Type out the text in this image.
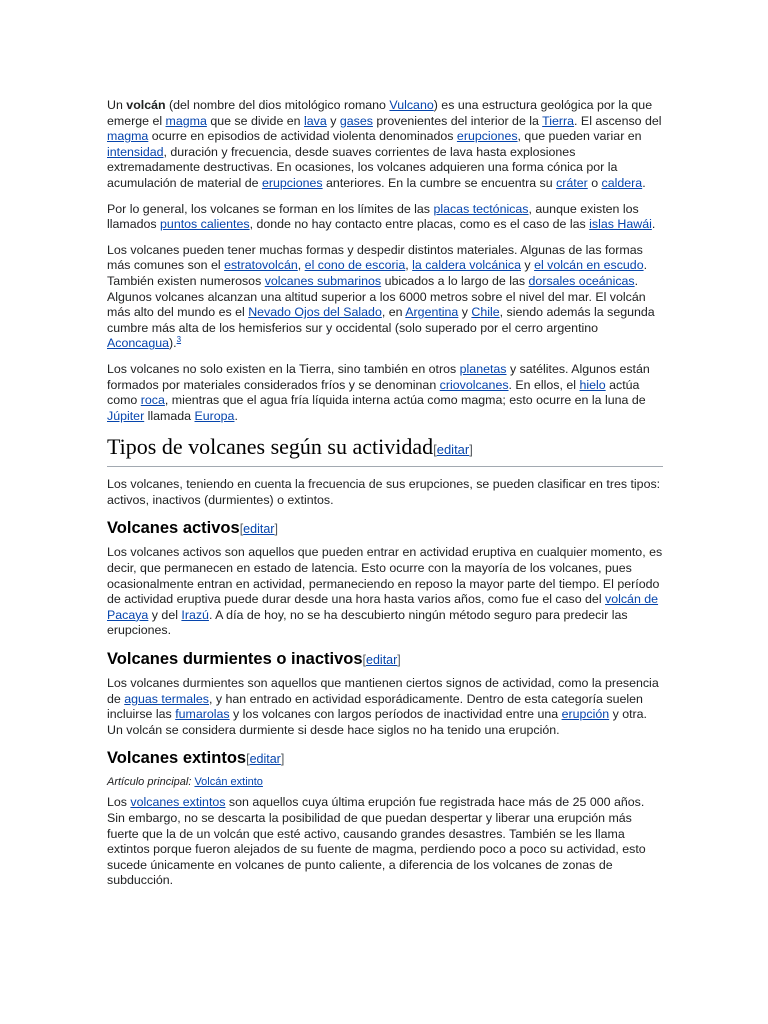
Un volcán (del nombre del dios mitológico romano Vulcano) es una estructura geológica por la que emerge el magma que se divide en lava y gases provenientes del interior de la Tierra. El ascenso del magma ocurre en episodios de actividad violenta denominados erupciones, que pueden variar en intensidad, duración y frecuencia, desde suaves corrientes de lava hasta explosiones extremadamente destructivas. En ocasiones, los volcanes adquieren una forma cónica por la acumulación de material de erupciones anteriores. En la cumbre se encuentra su cráter o caldera.

Por lo general, los volcanes se forman en los límites de las placas tectónicas, aunque existen los llamados puntos calientes, donde no hay contacto entre placas, como es el caso de las islas Hawái.

Los volcanes pueden tener muchas formas y despedir distintos materiales. Algunas de las formas más comunes son el estratovolcán, el cono de escoria, la caldera volcánica y el volcán en escudo. También existen numerosos volcanes submarinos ubicados a lo largo de las dorsales oceánicas. Algunos volcanes alcanzan una altitud superior a los 6000 metros sobre el nivel del mar. El volcán más alto del mundo es el Nevado Ojos del Salado, en Argentina y Chile, siendo además la segunda cumbre más alta de los hemisferios sur y occidental (solo superado por el cerro argentino Aconcagua).$^3$

Los volcanes no solo existen en la Tierra, sino también en otros planetas y satélites. Algunos están formados por materiales considerados fríos y se denominan criovolcanes. En ellos, el hielo actúa como roca, mientras que el agua fría líquida interna actúa como magma; esto ocurre en la luna de Júpiter llamada Europa.

Tipos de volcanes según su actividad[editar]

Los volcanes, teniendo en cuenta la frecuencia de sus erupciones, se pueden clasificar en tres tipos: activos, inactivos (durmientes) o extintos.

Volcanes activos[editar]

Los volcanes activos son aquellos que pueden entrar en actividad eruptiva en cualquier momento, es decir, que permanecen en estado de latencia. Esto ocurre con la mayoría de los volcanes, pues ocasionalmente entran en actividad, permaneciendo en reposo la mayor parte del tiempo. El período de actividad eruptiva puede durar desde una hora hasta varios años, como fue el caso del volcán de Pacaya y del Irazú. A día de hoy, no se ha descubierto ningún método seguro para predecir las erupciones.

Volcanes durmientes o inactivos[editar]

Los volcanes durmientes son aquellos que mantienen ciertos signos de actividad, como la presencia de aguas termales, y han entrado en actividad esporádicamente. Dentro de esta categoría suelen incluirse las fumarolas y los volcanes con largos períodos de inactividad entre una erupción y otra. Un volcán se considera durmiente si desde hace siglos no ha tenido una erupción.

Volcanes extintos[editar]
Artículo principal: Volcán extinto

Los volcanes extintos son aquellos cuya última erupción fue registrada hace más de 25 000 años. Sin embargo, no se descarta la posibilidad de que puedan despertar y liberar una erupción más fuerte que la de un volcán que esté activo, causando grandes desastres. También se les llama extintos porque fueron alejados de su fuente de magma, perdiendo poco a poco su actividad, esto sucede únicamente en volcanes de punto caliente, a diferencia de los volcanes de zonas de subducción.
